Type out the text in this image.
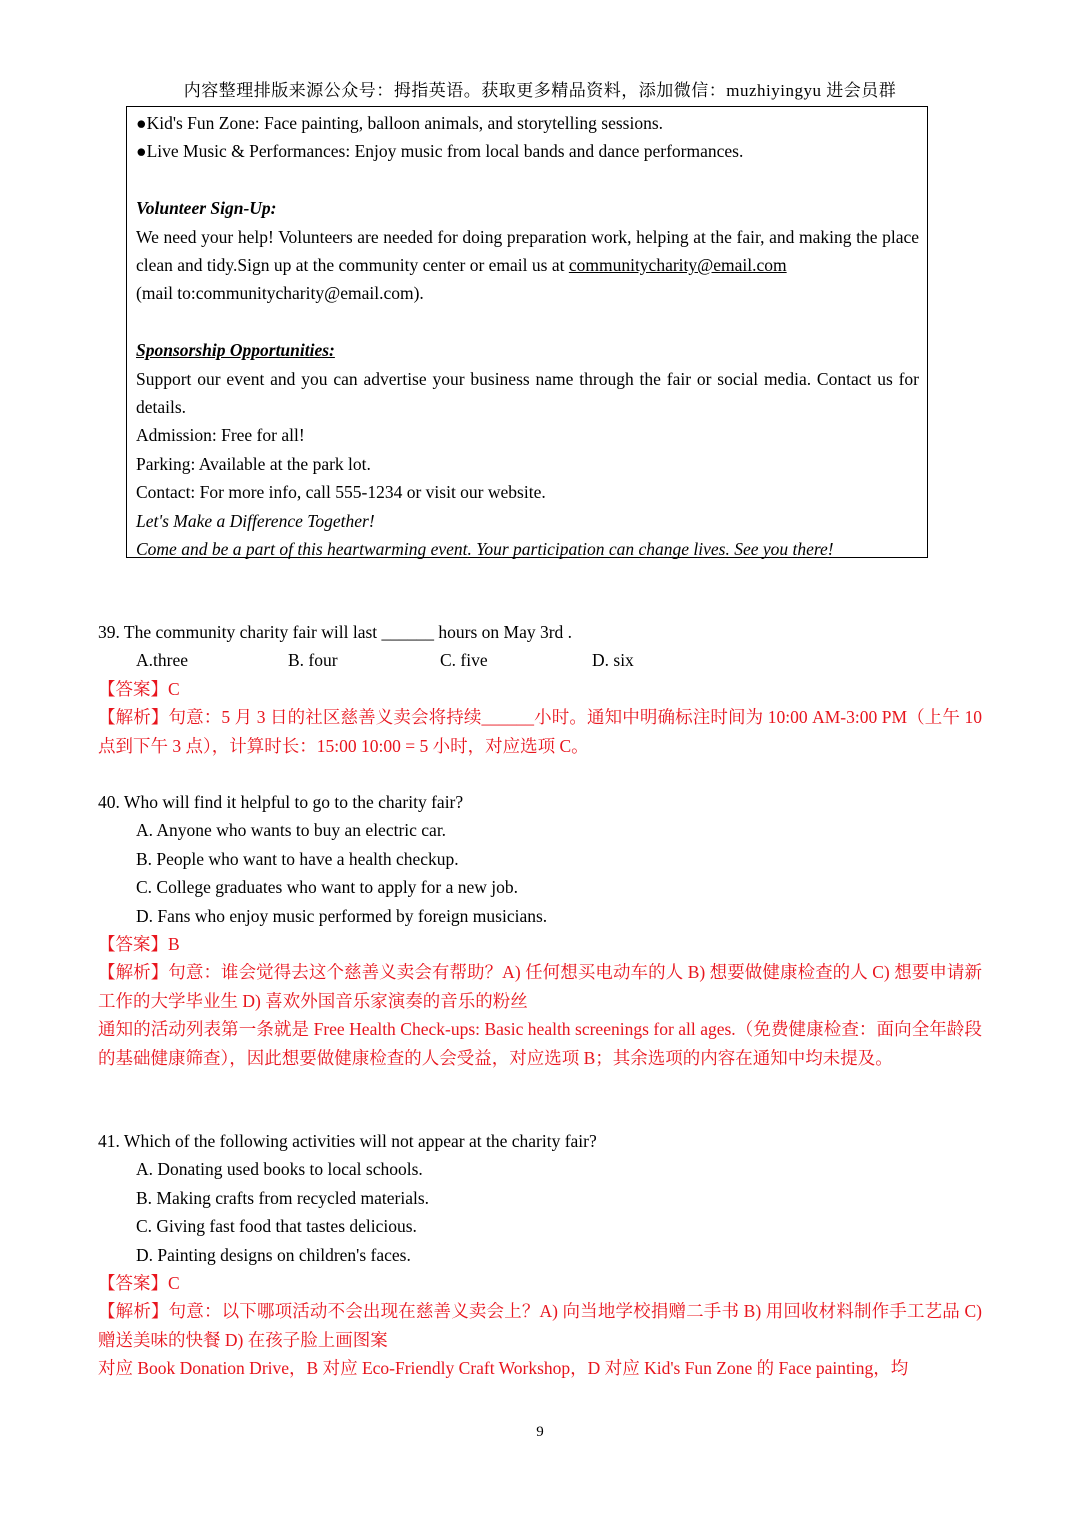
内容整理排版来源公众号：拇指英语。获取更多精品资料，添加微信：muzhiyingyu 进会员群

●Kid's Fun Zone: Face painting, balloon animals, and storytelling sessions.

●Live Music & Performances: Enjoy music from local bands and dance performances.

Volunteer Sign-Up:

We need your help! Volunteers are needed for doing preparation work, helping at the fair, and making the place clean and tidy.Sign up at the community center or email us at communitycharity@email.com

(mail to:communitycharity@email.com).

Sponsorship Opportunities:

Support our event and you can advertise your business name through the fair or social media. Contact us for details.

Admission: Free for all!

Parking: Available at the park lot.

Contact: For more info, call 555-1234 or visit our website.

Let's Make a Difference Together!

Come and be a part of this heartwarming event. Your participation can change lives. See you there!

39. The community charity fair will last ______ hours on May 3rd .

A.three	B. four	C. five	D. six

【答案】C

【解析】句意：5 月 3 日的社区慈善义卖会将持续______小时。通知中明确标注时间为 10:00 AM-3:00 PM（上午 10 点到下午 3 点），计算时长：15:00 10:00 = 5 小时，对应选项 C。

40. Who will find it helpful to go to the charity fair?

A. Anyone who wants to buy an electric car.

B. People who want to have a health checkup.

C. College graduates who want to apply for a new job.

D. Fans who enjoy music performed by foreign musicians.

【答案】B

【解析】句意：谁会觉得去这个慈善义卖会有帮助？A) 任何想买电动车的人 B) 想要做健康检查的人 C) 想要申请新工作的大学毕业生 D) 喜欢外国音乐家演奏的音乐的粉丝

通知的活动列表第一条就是 Free Health Check-ups: Basic health screenings for all ages.（免费健康检查：面向全年龄段的基础健康筛查），因此想要做健康检查的人会受益，对应选项 B；其余选项的内容在通知中均未提及。

41. Which of the following activities will not appear at the charity fair?

A. Donating used books to local schools.

B. Making crafts from recycled materials.

C. Giving fast food that tastes delicious.

D. Painting designs on children's faces.

【答案】C

【解析】句意：以下哪项活动不会出现在慈善义卖会上？A) 向当地学校捐赠二手书 B) 用回收材料制作手工艺品 C) 赠送美味的快餐 D) 在孩子脸上画图案

对应 Book Donation Drive，B 对应 Eco-Friendly Craft Workshop，D 对应 Kid's Fun Zone 的 Face painting，均

9
